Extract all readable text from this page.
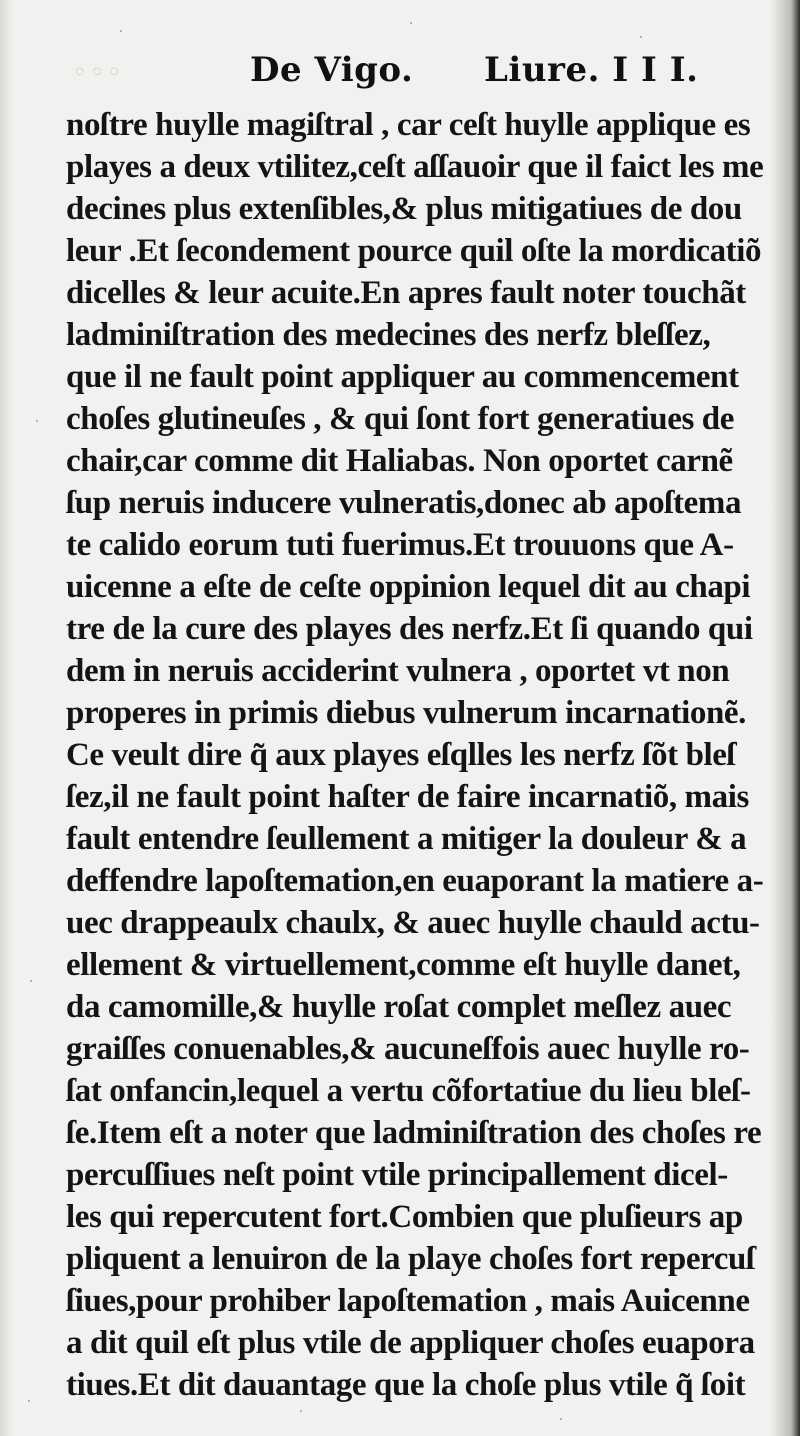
◦◦◦	De Vigo. Liure. I I I.
noſtre huylle magiſtral , car ceſt huylle applique es
playes a deux vtilitez,ceſt aſſauoir que il faict les me
decines plus extenſibles,& plus mitigatiues de dou
leur .Et ſecondement pource quil oſte la mordicatiõ
dicelles & leur acuite.En apres fault noter touchãt
ladminiſtration des medecines des nerfz bleſſez,
que il ne fault point appliquer au commencement
choſes glutineuſes , & qui ſont fort generatiues de
chair,car comme dit Haliabas. Non oportet carnẽ
ſup neruis inducere vulneratis,donec ab apoſtema
te calido eorum tuti fuerimus.Et trouuons que A-
uicenne a eſte de ceſte oppinion lequel dit au chapi
tre de la cure des playes des nerfz.Et ſi quando qui
dem in neruis acciderint vulnera , oportet vt non
properes in primis diebus vulnerum incarnationẽ.
Ce veult dire q̃ aux playes eſqlles les nerfz ſõt bleſ
ſez,il ne fault point haſter de faire incarnatiõ, mais
fault entendre ſeullement a mitiger la douleur & a
deffendre lapoſtemation,en euaporant la matiere a-
uec drappeaulx chaulx, & auec huylle chauld actu-
ellement & virtuellement,comme eſt huylle danet,
da camomille,& huylle roſat complet meſlez auec
graiſſes conuenables,& aucuneſfois auec huylle ro-
ſat onfancin,lequel a vertu cõfortatiue du lieu bleſ-
ſe.Item eſt a noter que ladminiſtration des choſes re
percuſſiues neſt point vtile principallement dicel-
les qui repercutent fort.Combien que pluſieurs ap
pliquent a lenuiron de la playe choſes fort repercuſ
ſiues,pour prohiber lapoſtemation , mais Auicenne
a dit quil eſt plus vtile de appliquer choſes euapora
tiues.Et dit dauantage que la choſe plus vtile q̃ ſoit
